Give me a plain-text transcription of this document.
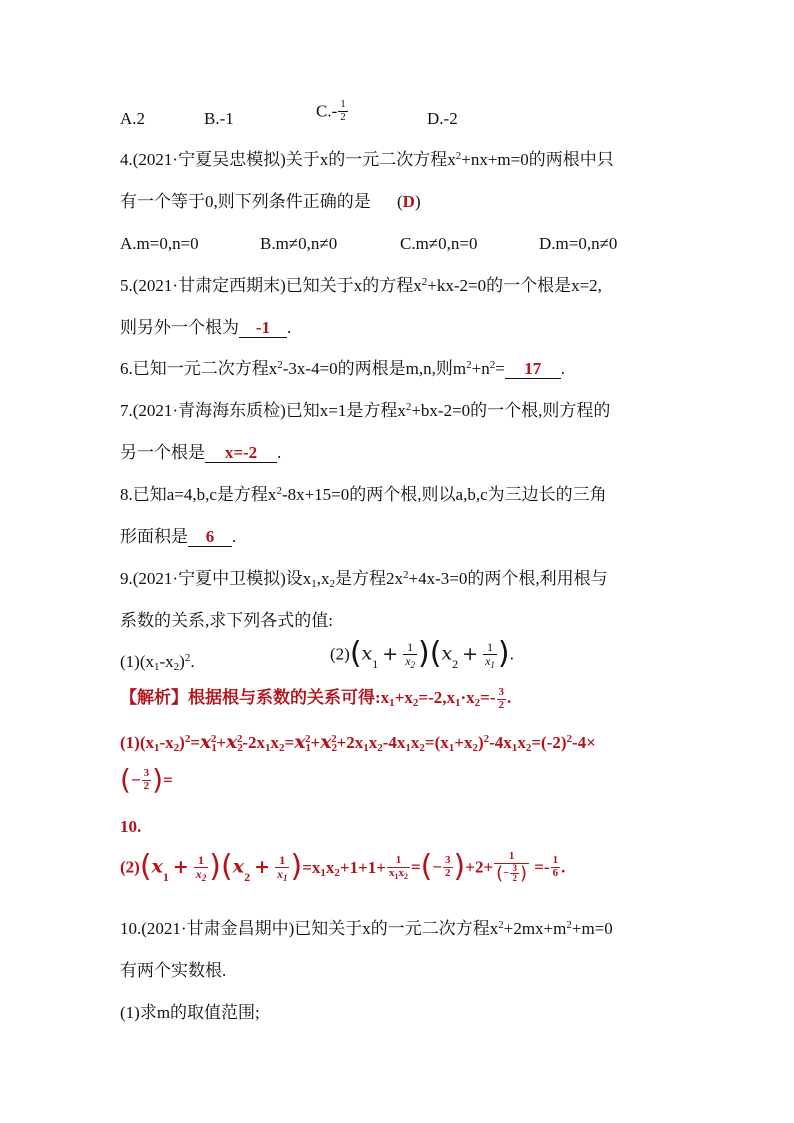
A.2	B.-1	$C.- \frac{1}{2}$	D.-2
4.(2021·宁夏吴忠模拟)关于x的一元二次方程$x^2+nx+m=0$的两根中只
有一个等于0,则下列条件正确的是 (D)
A.m=0,n=0	B.m≠0,n≠0	C.m≠0,n=0	D.m=0,n≠0
5.(2021·甘肃定西期末)已知关于x的方程$x^2+kx-2=0$的一个根是x=2,
则另外一个根为 -1 .
6.已知一元二次方程$x^2-3x-4=0$的两根是m,n,则$m^2+n^2= 17$ .
7.(2021·青海海东质检)已知x=1是方程$x^2+bx-2=0$的一个根,则方程的
另一个根是 x=-2 .
8.已知a=4,b,c是方程$x^2-8x+15=0$的两个根,则以a,b,c为三边长的三角
形面积是 6 .
9.(2021·宁夏中卫模拟)设$x_1,x_2$是方程$2x^2+4x-3=0$的两个根,利用根与
系数的关系,求下列各式的值:
$(1)(x_1-x_2)^2$.	$(2)(x_1 + \frac{1}{x_2} )(x_2 + \frac{1}{x_1}$ ).
【解析】根据根与系数的关系可得$:x_1+x_2=-2,x_1\cdot x_2=- \frac{3}{2}$ .
$(1)(x_1-x_2)^2=x_1^2+x_2^2-2x_1x_2=x_1^2+x_2^2+2x_1x_2-4x_1x_2=(x_1+x_2)^2-4x_1x_2=(-2)^2-4\times$
(− $\frac{3}{2}$ )=
10.
$(2)(x_1 + \frac{1}{x_2} )(x_2 + \frac{1}{x_1} )=x_1x_2+1+1+ \frac{1}{x_1x_2}$ =(− $\frac{3}{2} )+2+ \frac{1}{(- \frac{3}{2} )} =- \frac{1}{6}$ .
10.(2021·甘肃金昌期中)已知关于x的一元二次方程$x^2+2mx+m^2+m=0$
有两个实数根.
(1)求m的取值范围;
